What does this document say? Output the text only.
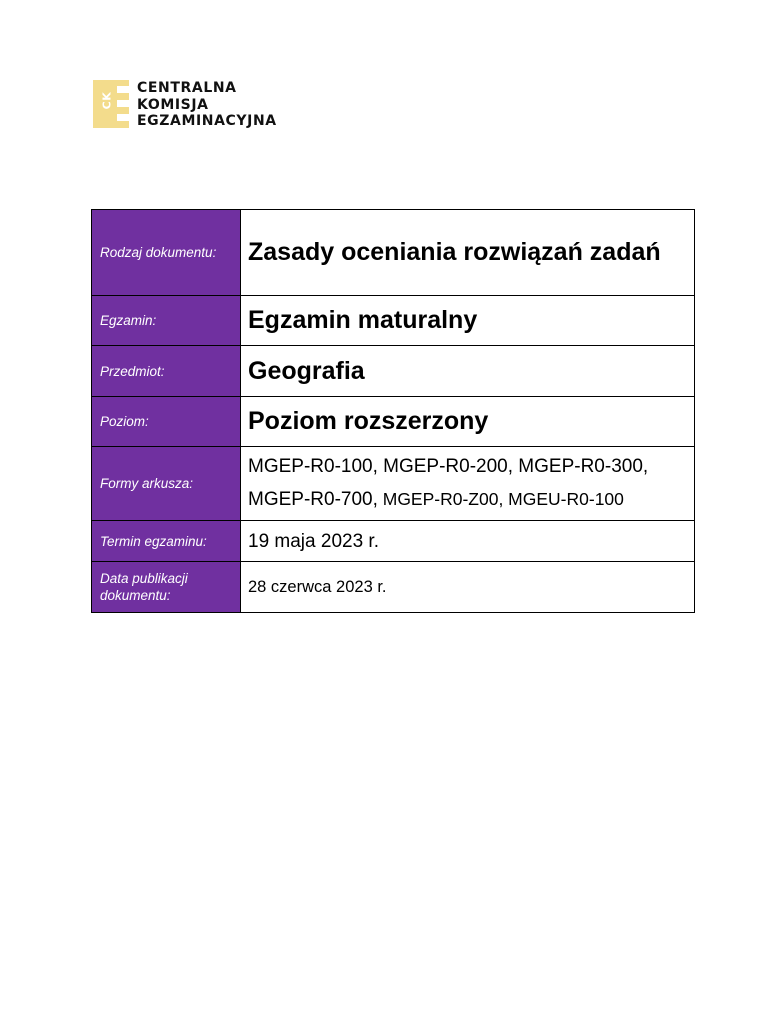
CK
CENTRALNA
KOMISJA
EGZAMINACYJNA
Rodzaj dokumentu:	Zasady oceniania rozwiązań zadań
Egzamin:	Egzamin maturalny
Przedmiot:	Geografia
Poziom:	Poziom rozszerzony
Formy arkusza:	MGEP-R0-100, MGEP-R0-200, MGEP-R0-300,
MGEP-R0-700, MGEP-R0-Z00, MGEU-R0-100

Termin egzaminu:	19 maja 2023 r.
Data publikacji dokumentu:	28 czerwca 2023 r.
